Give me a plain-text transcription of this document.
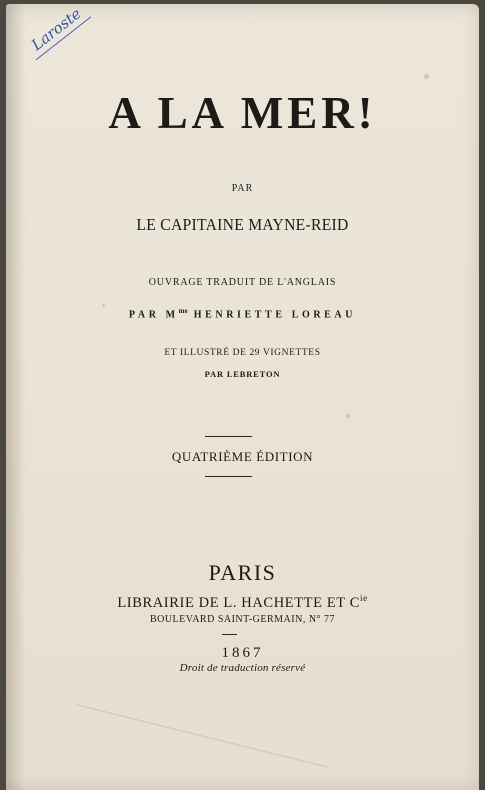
Laroste
A LA MER!
PAR
LE CAPITAINE MAYNE-REID
OUVRAGE TRADUIT DE L'ANGLAIS
PAR $M^{me}$ HENRIETTE LOREAU
ET ILLUSTRÉ DE 29 VIGNETTES
PAR LEBRETON
QUATRIÈME ÉDITION
PARIS
LIBRAIRIE DE L. HACHETTE ET $C^{ie}$
BOULEVARD SAINT-GERMAIN, N° 77
1867
Droit de traduction réservé
